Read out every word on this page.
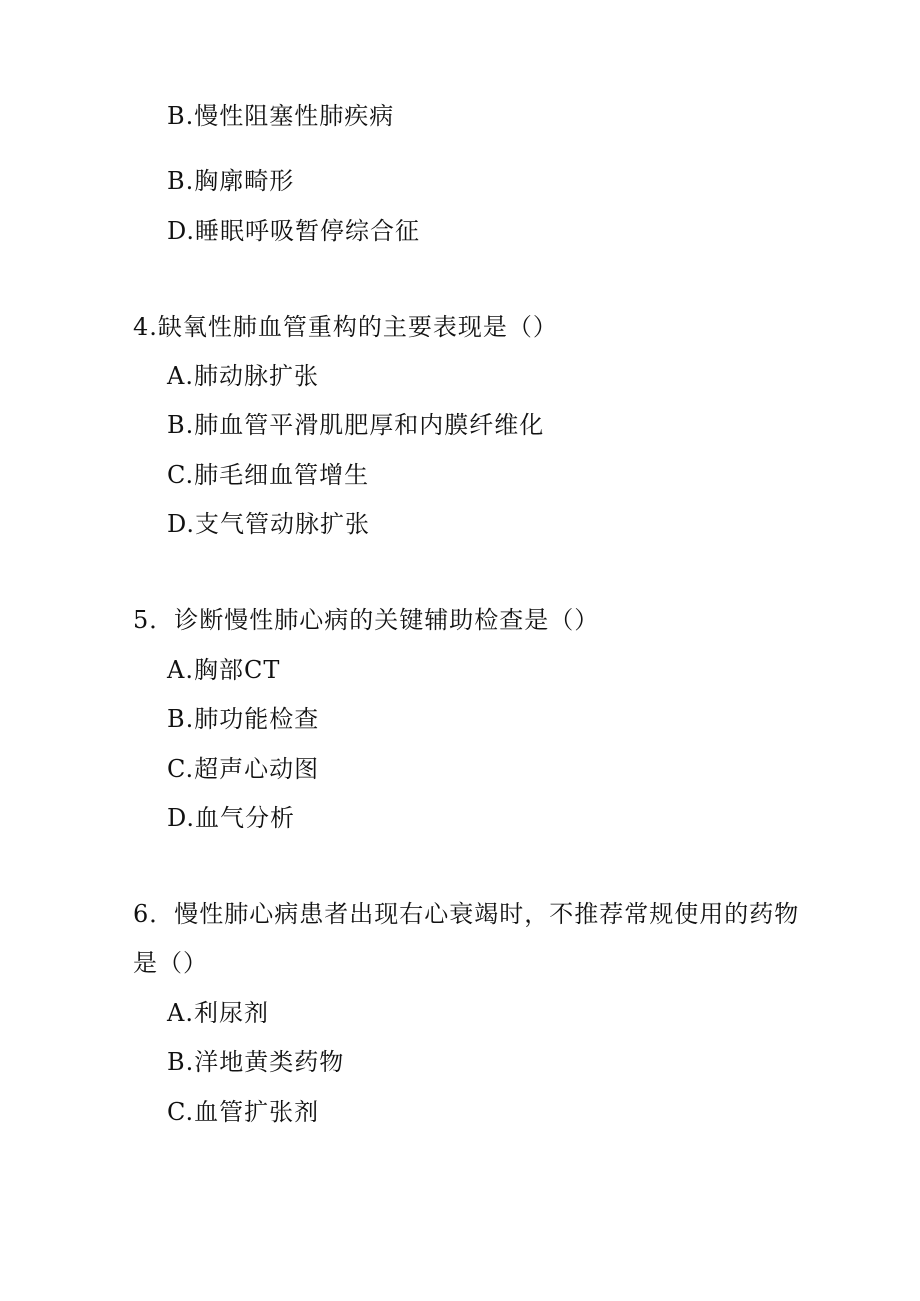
B.慢性阻塞性肺疾病
B.胸廓畸形
D.睡眠呼吸暂停综合征
4.缺氧性肺血管重构的主要表现是（）
A.肺动脉扩张
B.肺血管平滑肌肥厚和内膜纤维化
C.肺毛细血管增生
D.支气管动脉扩张
5．诊断慢性肺心病的关键辅助检查是（）
A.胸部CT
B.肺功能检查
C.超声心动图
D.血气分析
6．慢性肺心病患者出现右心衰竭时，不推荐常规使用的药物
是（）
A.利尿剂
B.洋地黄类药物
C.血管扩张剂
